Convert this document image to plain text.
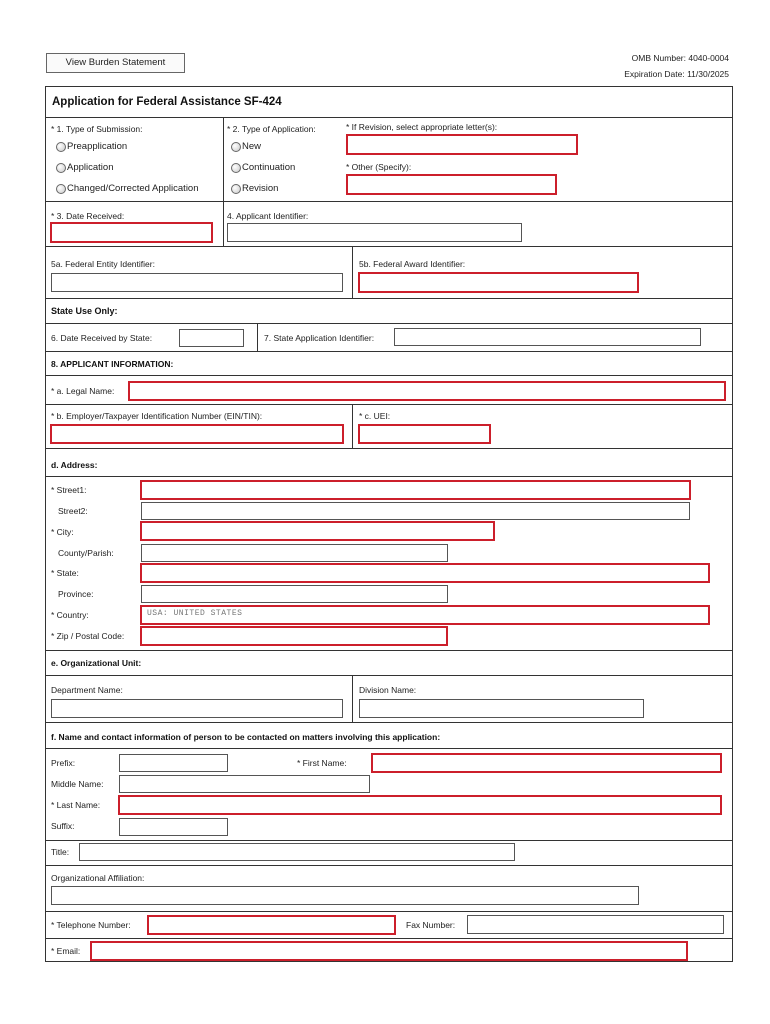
View Burden Statement	OMB Number: 4040-0004
Expiration Date: 11/30/2025
Application for Federal Assistance SF-424
* 1. Type of Submission:	* 2. Type of Application:	* If Revision, select appropriate letter(s):
Preapplication
Application
Changed/Corrected Application
New
Continuation
Revision
* Other (Specify):
* 3. Date Received:	4. Applicant Identifier:
5a. Federal Entity Identifier:	5b. Federal Award Identifier:
State Use Only:
6. Date Received by State:	7. State Application Identifier:
8. APPLICANT INFORMATION:
* a. Legal Name:
* b. Employer/Taxpayer Identification Number (EIN/TIN):	* c. UEI:
d. Address:
* Street1:
Street2:
* City:
County/Parish:
* State:
Province:
* Country:	USA: UNITED STATES
* Zip / Postal Code:
e. Organizational Unit:
Department Name:	Division Name:
f. Name and contact information of person to be contacted on matters involving this application:
Prefix:	* First Name:
Middle Name:
* Last Name:
Suffix:
Title:
Organizational Affiliation:
* Telephone Number:	Fax Number:
* Email:
